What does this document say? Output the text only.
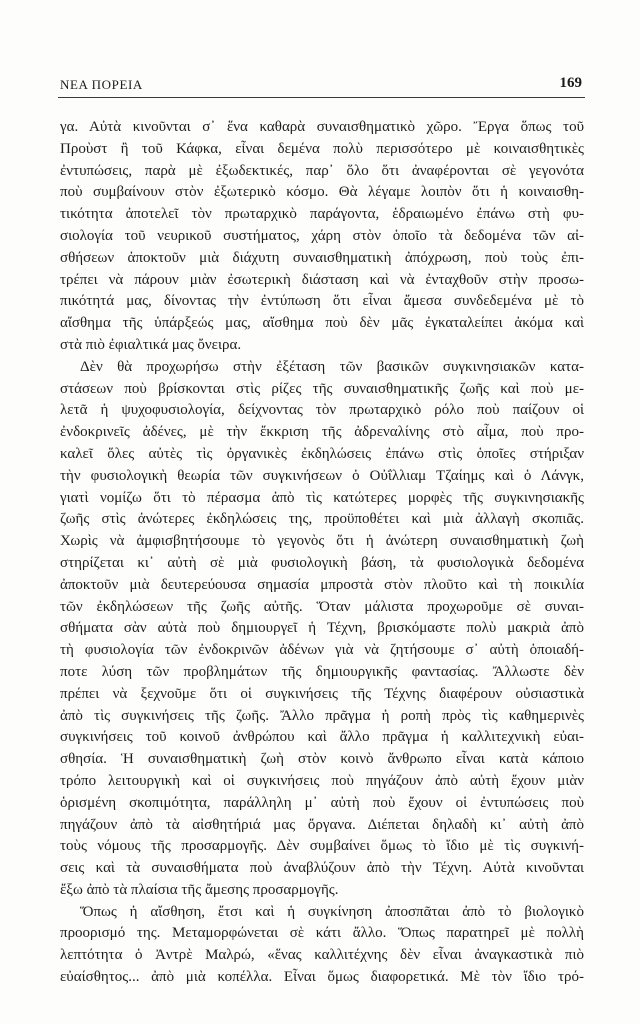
ΝΕΑ ΠΟΡΕΙΑ	169
γα. Αὐτὰ κινοῦνται σ᾽ ἕνα καθαρὰ συναισθηματικὸ χῶρο. Ἔργα ὅπως τοῦ
Προὺστ ἢ τοῦ Κάφκα, εἶναι δεμένα πολὺ περισσότερο μὲ κοιναισθητικὲς
ἐντυπώσεις, παρὰ μὲ ἐξωδεκτικές, παρ᾽ ὅλο ὅτι ἀναφέρονται σὲ γεγονότα
ποὺ συμβαίνουν στὸν ἐξωτερικὸ κόσμο. Θὰ λέγαμε λοιπὸν ὅτι ἡ κοιναισθη-
τικότητα ἀποτελεῖ τὸν πρωταρχικὸ παράγοντα, ἑδραιωμένο ἐπάνω στὴ φυ-
σιολογία τοῦ νευρικοῦ συστήματος, χάρη στὸν ὁποῖο τὰ δεδομένα τῶν αἰ-
σθήσεων ἀποκτοῦν μιὰ διάχυτη συναισθηματικὴ ἀπόχρωση, ποὺ τοὺς ἐπι-
τρέπει νὰ πάρουν μιὰν ἐσωτερικὴ διάσταση καὶ νὰ ἐνταχθοῦν στὴν προσω-
πικότητά μας, δίνοντας τὴν ἐντύπωση ὅτι εἶναι ἄμεσα συνδεδεμένα μὲ τὸ
αἴσθημα τῆς ὑπάρξεώς μας, αἴσθημα ποὺ δὲν μᾶς ἐγκαταλείπει ἀκόμα καὶ
στὰ πιὸ ἐφιαλτικά μας ὄνειρα.
Δὲν θὰ προχωρήσω στὴν ἐξέταση τῶν βασικῶν συγκινησιακῶν κατα-
στάσεων ποὺ βρίσκονται στὶς ρίζες τῆς συναισθηματικῆς ζωῆς καὶ ποὺ με-
λετᾶ ἡ ψυχοφυσιολογία, δείχνοντας τὸν πρωταρχικὸ ρόλο ποὺ παίζουν οἱ
ἐνδοκρινεῖς ἀδένες, μὲ τὴν ἔκκριση τῆς ἀδρεναλίνης στὸ αἷμα, ποὺ προ-
καλεῖ ὅλες αὐτὲς τὶς ὀργανικὲς ἐκδηλώσεις ἐπάνω στὶς ὁποῖες στήριξαν
τὴν φυσιολογικὴ θεωρία τῶν συγκινήσεων ὁ Οὐΐλλιαμ Τζαίημς καὶ ὁ Λάνγκ,
γιατὶ νομίζω ὅτι τὸ πέρασμα ἀπὸ τὶς κατώτερες μορφὲς τῆς συγκινησιακῆς
ζωῆς στὶς ἀνώτερες ἐκδηλώσεις της, προϋποθέτει καὶ μιὰ ἀλλαγὴ σκοπιᾶς.
Χωρὶς νὰ ἀμφισβητήσουμε τὸ γεγονὸς ὅτι ἡ ἀνώτερη συναισθηματικὴ ζωὴ
στηρίζεται κι᾽ αὐτὴ σὲ μιὰ φυσιολογικὴ βάση, τὰ φυσιολογικὰ δεδομένα
ἀποκτοῦν μιὰ δευτερεύουσα σημασία μπροστὰ στὸν πλοῦτο καὶ τὴ ποικιλία
τῶν ἐκδηλώσεων τῆς ζωῆς αὐτῆς. Ὅταν μάλιστα προχωροῦμε σὲ συναι-
σθήματα σὰν αὐτὰ ποὺ δημιουργεῖ ἡ Τέχνη, βρισκόμαστε πολὺ μακριὰ ἀπὸ
τὴ φυσιολογία τῶν ἐνδοκρινῶν ἀδένων γιὰ νὰ ζητήσουμε σ᾽ αὐτὴ ὁποιαδή-
ποτε λύση τῶν προβλημάτων τῆς δημιουργικῆς φαντασίας. Ἄλλωστε δὲν
πρέπει νὰ ξεχνοῦμε ὅτι οἱ συγκινήσεις τῆς Τέχνης διαφέρουν οὐσιαστικὰ
ἀπὸ τὶς συγκινήσεις τῆς ζωῆς. Ἄλλο πρᾶγμα ἡ ροπὴ πρὸς τὶς καθημερινὲς
συγκινήσεις τοῦ κοινοῦ ἀνθρώπου καὶ ἄλλο πρᾶγμα ἡ καλλιτεχνικὴ εὐαι-
σθησία. Ἡ συναισθηματικὴ ζωὴ στὸν κοινὸ ἄνθρωπο εἶναι κατὰ κάποιο
τρόπο λειτουργικὴ καὶ οἱ συγκινήσεις ποὺ πηγάζουν ἀπὸ αὐτὴ ἔχουν μιὰν
ὁρισμένη σκοπιμότητα, παράλληλη μ᾽ αὐτὴ ποὺ ἔχουν οἱ ἐντυπώσεις ποὺ
πηγάζουν ἀπὸ τὰ αἰσθητήριά μας ὄργανα. Διέπεται δηλαδὴ κι᾽ αὐτὴ ἀπὸ
τοὺς νόμους τῆς προσαρμογῆς. Δὲν συμβαίνει ὅμως τὸ ἴδιο μὲ τὶς συγκινή-
σεις καὶ τὰ συναισθήματα ποὺ ἀναβλύζουν ἀπὸ τὴν Τέχνη. Αὐτὰ κινοῦνται
ἔξω ἀπὸ τὰ πλαίσια τῆς ἄμεσης προσαρμογῆς.
Ὅπως ἡ αἴσθηση, ἔτσι καὶ ἡ συγκίνηση ἀποσπᾶται ἀπὸ τὸ βιολογικὸ
προορισμό της. Μεταμορφώνεται σὲ κάτι ἄλλο. Ὅπως παρατηρεῖ μὲ πολλὴ
λεπτότητα ὁ Ἀντρὲ Μαλρώ, «ἕνας καλλιτέχνης δὲν εἶναι ἀναγκαστικὰ πιὸ
εὐαίσθητος... ἀπὸ μιὰ κοπέλλα. Εἶναι ὅμως διαφορετικά. Μὲ τὸν ἴδιο τρό-
